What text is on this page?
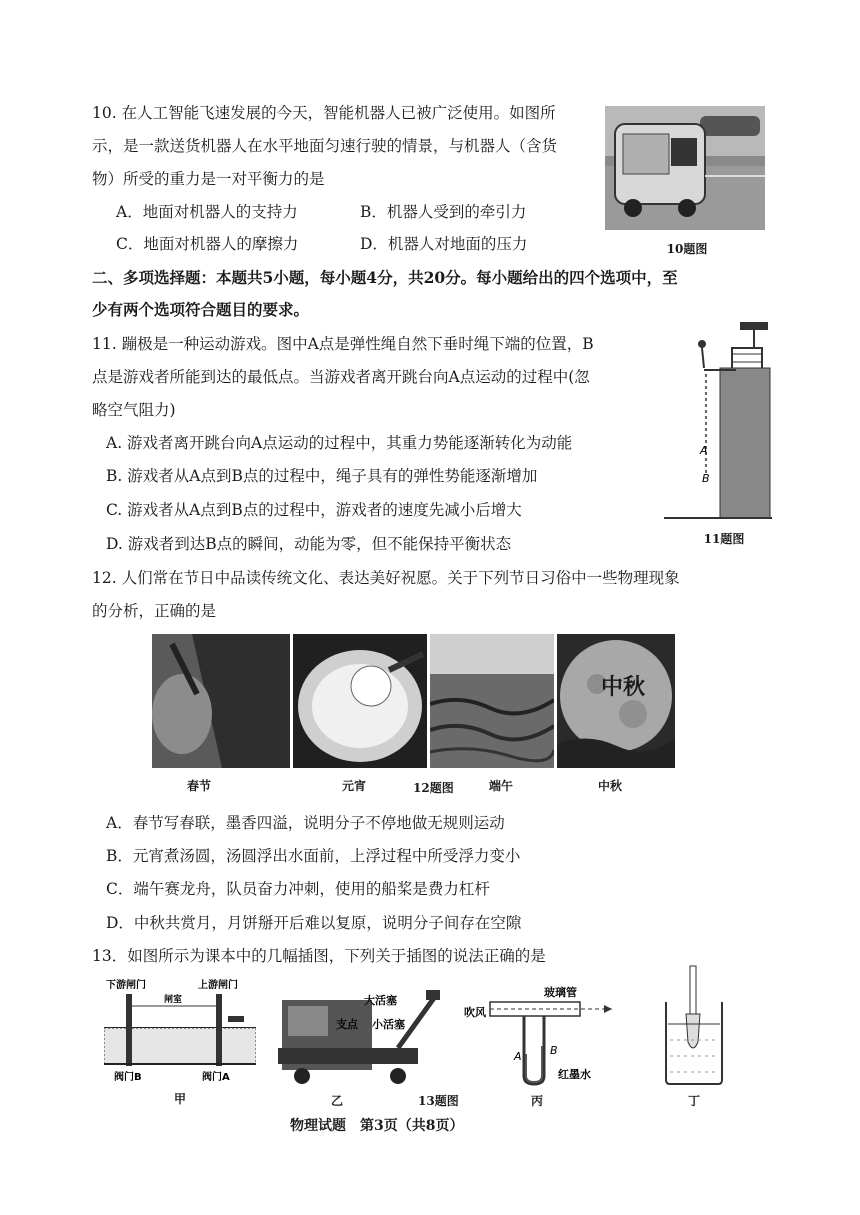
10. 在人工智能飞速发展的今天，智能机器人已被广泛使用。如图所
示，是一款送货机器人在水平地面匀速行驶的情景，与机器人（含货
物）所受的重力是一对平衡力的是
A．地面对机器人的支持力	B．机器人受到的牵引力
C．地面对机器人的摩擦力	D．机器人对地面的压力	10题图
二、多项选择题：本题共5小题，每小题4分，共20分。每小题给出的四个选项中，至
少有两个选项符合题目的要求。
11. 蹦极是一种运动游戏。图中A点是弹性绳自然下垂时绳下端的位置，B
点是游戏者所能到达的最低点。当游戏者离开跳台向A点运动的过程中(忽
略空气阻力)
A. 游戏者离开跳台向A点运动的过程中，其重力势能逐渐转化为动能
B. 游戏者从A点到B点的过程中，绳子具有的弹性势能逐渐增加
C. 游戏者从A点到B点的过程中，游戏者的速度先减小后增大
D. 游戏者到达B点的瞬间，动能为零，但不能保持平衡状态
A
B
11题图
12. 人们常在节日中品读传统文化、表达美好祝愿。关于下列节日习俗中一些物理现象
的分析，正确的是
中秋
春节	元宵	12题图	端午	中秋
A．春节写春联，墨香四溢，说明分子不停地做无规则运动
B．元宵煮汤圆，汤圆浮出水面前，上浮过程中所受浮力变小
C．端午赛龙舟，队员奋力冲刺，使用的船桨是费力杠杆
D．中秋共赏月，月饼掰开后难以复原，说明分子间存在空隙
13．如图所示为课本中的几幅插图，下列关于插图的说法正确的是
下游闸门	上游闸门
闸室
阀门B	阀门A
甲
大活塞
支点 小活塞
乙	13题图
玻璃管
吹风
A	B
红墨水
丙	丁
物理试题　第3页（共8页）
